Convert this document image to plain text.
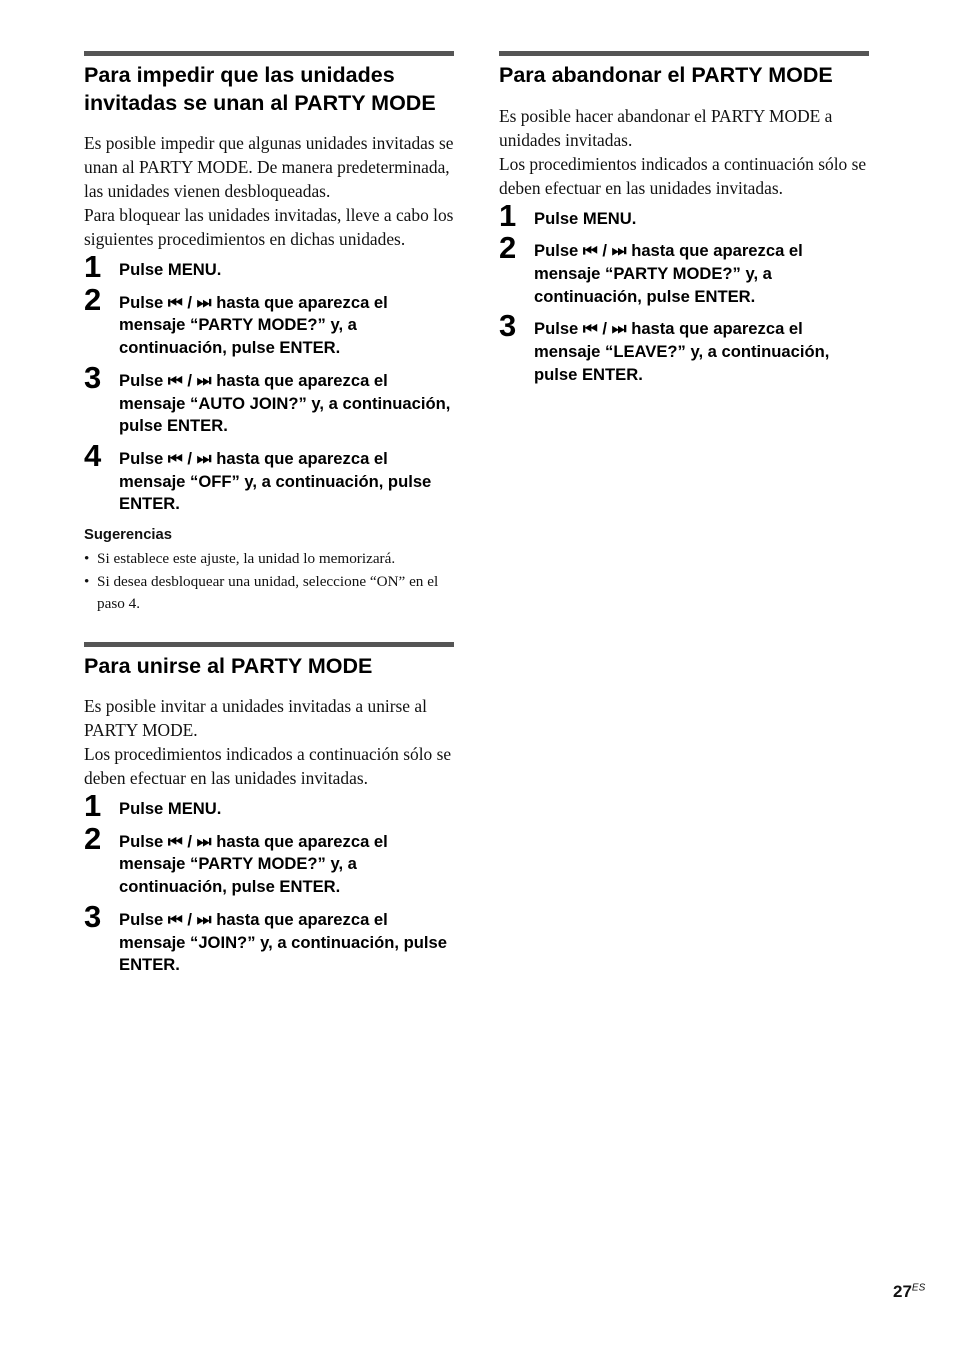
Para impedir que las unidades invitadas se unan al PARTY MODE

Es posible impedir que algunas unidades invitadas se unan al PARTY MODE. De manera predeterminada, las unidades vienen desbloqueadas.

Para bloquear las unidades invitadas, lleve a cabo los siguientes procedimientos en dichas unidades.

1 Pulse MENU.
2 Pulse ⏮ / ⏭ hasta que aparezca el mensaje “PARTY MODE?” y, a continuación, pulse ENTER.
3 Pulse ⏮ / ⏭ hasta que aparezca el mensaje “AUTO JOIN?” y, a continuación, pulse ENTER.
4 Pulse ⏮ / ⏭ hasta que aparezca el mensaje “OFF” y, a continuación, pulse ENTER.
Sugerencias
• Si establece este ajuste, la unidad lo memorizará.
• Si desea desbloquear una unidad, seleccione “ON” en el paso 4.
Para unirse al PARTY MODE

Es posible invitar a unidades invitadas a unirse al PARTY MODE.

Los procedimientos indicados a continuación sólo se deben efectuar en las unidades invitadas.

1 Pulse MENU.
2 Pulse ⏮ / ⏭ hasta que aparezca el mensaje “PARTY MODE?” y, a continuación, pulse ENTER.
3 Pulse ⏮ / ⏭ hasta que aparezca el mensaje “JOIN?” y, a continuación, pulse ENTER.
Para abandonar el PARTY MODE

Es posible hacer abandonar el PARTY MODE a unidades invitadas.

Los procedimientos indicados a continuación sólo se deben efectuar en las unidades invitadas.

1 Pulse MENU.
2 Pulse ⏮ / ⏭ hasta que aparezca el mensaje “PARTY MODE?” y, a continuación, pulse ENTER.
3 Pulse ⏮ / ⏭ hasta que aparezca el mensaje “LEAVE?” y, a continuación, pulse ENTER.
$27^{ES}$
